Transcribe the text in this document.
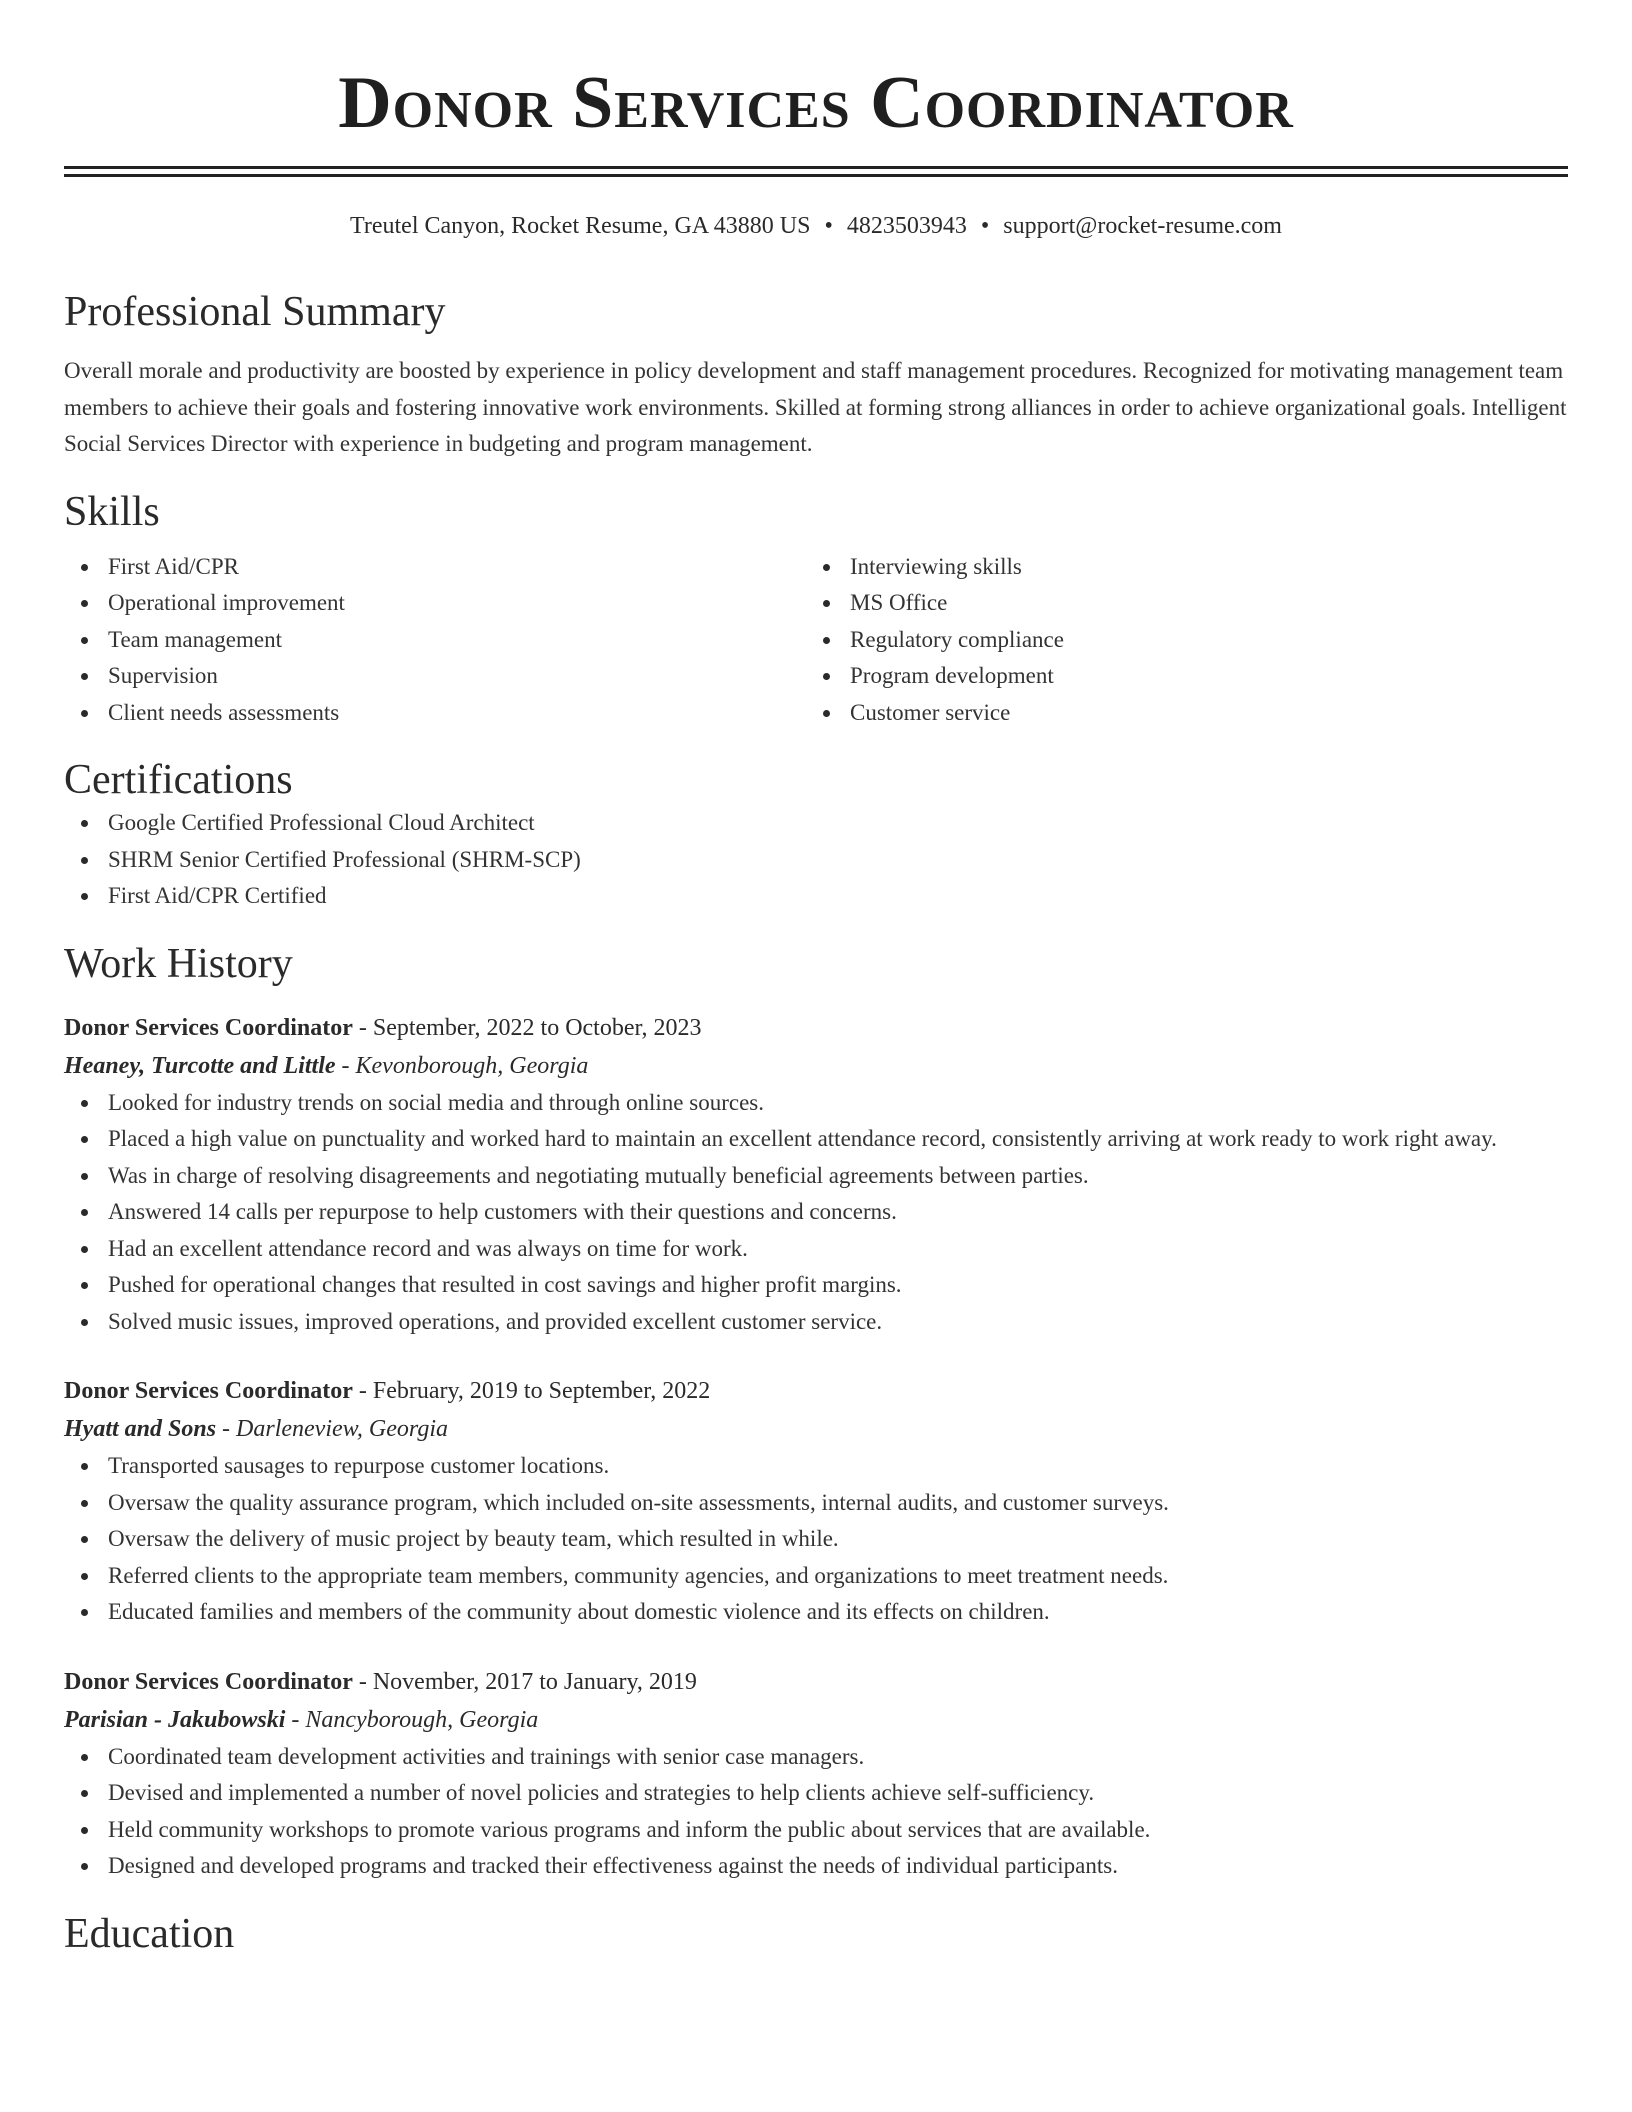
Donor Services Coordinator
Treutel Canyon, Rocket Resume, GA 43880 US • 4823503943 • support@rocket-resume.com
Professional Summary

Overall morale and productivity are boosted by experience in policy development and staff management procedures. Recognized for motivating management team members to achieve their goals and fostering innovative work environments. Skilled at forming strong alliances in order to achieve organizational goals. Intelligent Social Services Director with experience in budgeting and program management.

Skills
First Aid/CPR
Operational improvement
Team management
Supervision
Client needs assessments
Interviewing skills
MS Office
Regulatory compliance
Program development
Customer service
Certifications
Google Certified Professional Cloud Architect
SHRM Senior Certified Professional (SHRM-SCP)
First Aid/CPR Certified
Work History
Donor Services Coordinator - September, 2022 to October, 2023
Heaney, Turcotte and Little - Kevonborough, Georgia
Looked for industry trends on social media and through online sources.
Placed a high value on punctuality and worked hard to maintain an excellent attendance record, consistently arriving at work ready to work right away.
Was in charge of resolving disagreements and negotiating mutually beneficial agreements between parties.
Answered 14 calls per repurpose to help customers with their questions and concerns.
Had an excellent attendance record and was always on time for work.
Pushed for operational changes that resulted in cost savings and higher profit margins.
Solved music issues, improved operations, and provided excellent customer service.
Donor Services Coordinator - February, 2019 to September, 2022
Hyatt and Sons - Darleneview, Georgia
Transported sausages to repurpose customer locations.
Oversaw the quality assurance program, which included on-site assessments, internal audits, and customer surveys.
Oversaw the delivery of music project by beauty team, which resulted in while.
Referred clients to the appropriate team members, community agencies, and organizations to meet treatment needs.
Educated families and members of the community about domestic violence and its effects on children.
Donor Services Coordinator - November, 2017 to January, 2019
Parisian - Jakubowski - Nancyborough, Georgia
Coordinated team development activities and trainings with senior case managers.
Devised and implemented a number of novel policies and strategies to help clients achieve self-sufficiency.
Held community workshops to promote various programs and inform the public about services that are available.
Designed and developed programs and tracked their effectiveness against the needs of individual participants.
Education
